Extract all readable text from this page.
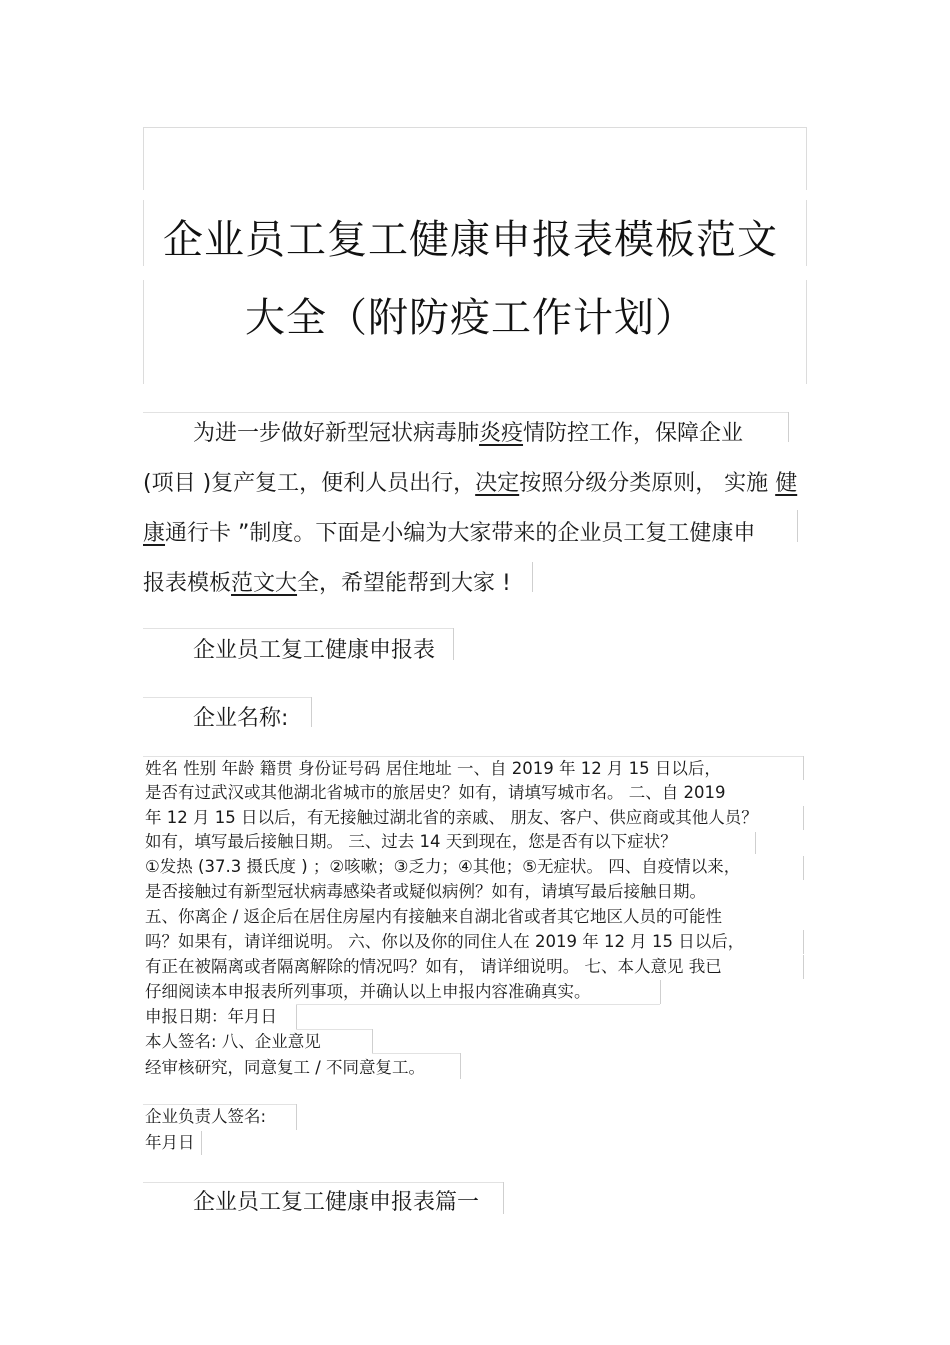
企业员工复工健康申报表模板范文
大全（附防疫工作计划）
为进一步做好新型冠状病毒肺炎疫情防控工作，保障企业
(项目 )复产复工，便利人员出行，决定按照分级分类原则， 实施 健
康通行卡 ”制度。下面是小编为大家带来的企业员工复工健康申
报表模板范文大全，希望能帮到大家 !
企业员工复工健康申报表
企业名称:
姓名 性别 年龄 籍贯 身份证号码 居住地址 一、自 2019 年 12 月 15 日以后，
是否有过武汉或其他湖北省城市的旅居史？如有，请填写城市名。 二、自 2019
年 12 月 15 日以后，有无接触过湖北省的亲戚、 朋友、客户、供应商或其他人员？
如有，填写最后接触日期。 三、过去 14 天到现在，您是否有以下症状？
①发热 (37.3 摄氏度 ) ；②咳嗽；③乏力；④其他；⑤无症状。 四、自疫情以来，
是否接触过有新型冠状病毒感染者或疑似病例？如有，请填写最后接触日期。
五、你离企 / 返企后在居住房屋内有接触来自湖北省或者其它地区人员的可能性
吗？如果有，请详细说明。 六、你以及你的同住人在 2019 年 12 月 15 日以后，
有正在被隔离或者隔离解除的情况吗？如有， 请详细说明。 七、本人意见 我已
仔细阅读本申报表所列事项，并确认以上申报内容准确真实。
申报日期：年月日
本人签名: 八、企业意见
经审核研究，同意复工 / 不同意复工。
企业负责人签名:
年月日
企业员工复工健康申报表篇一
